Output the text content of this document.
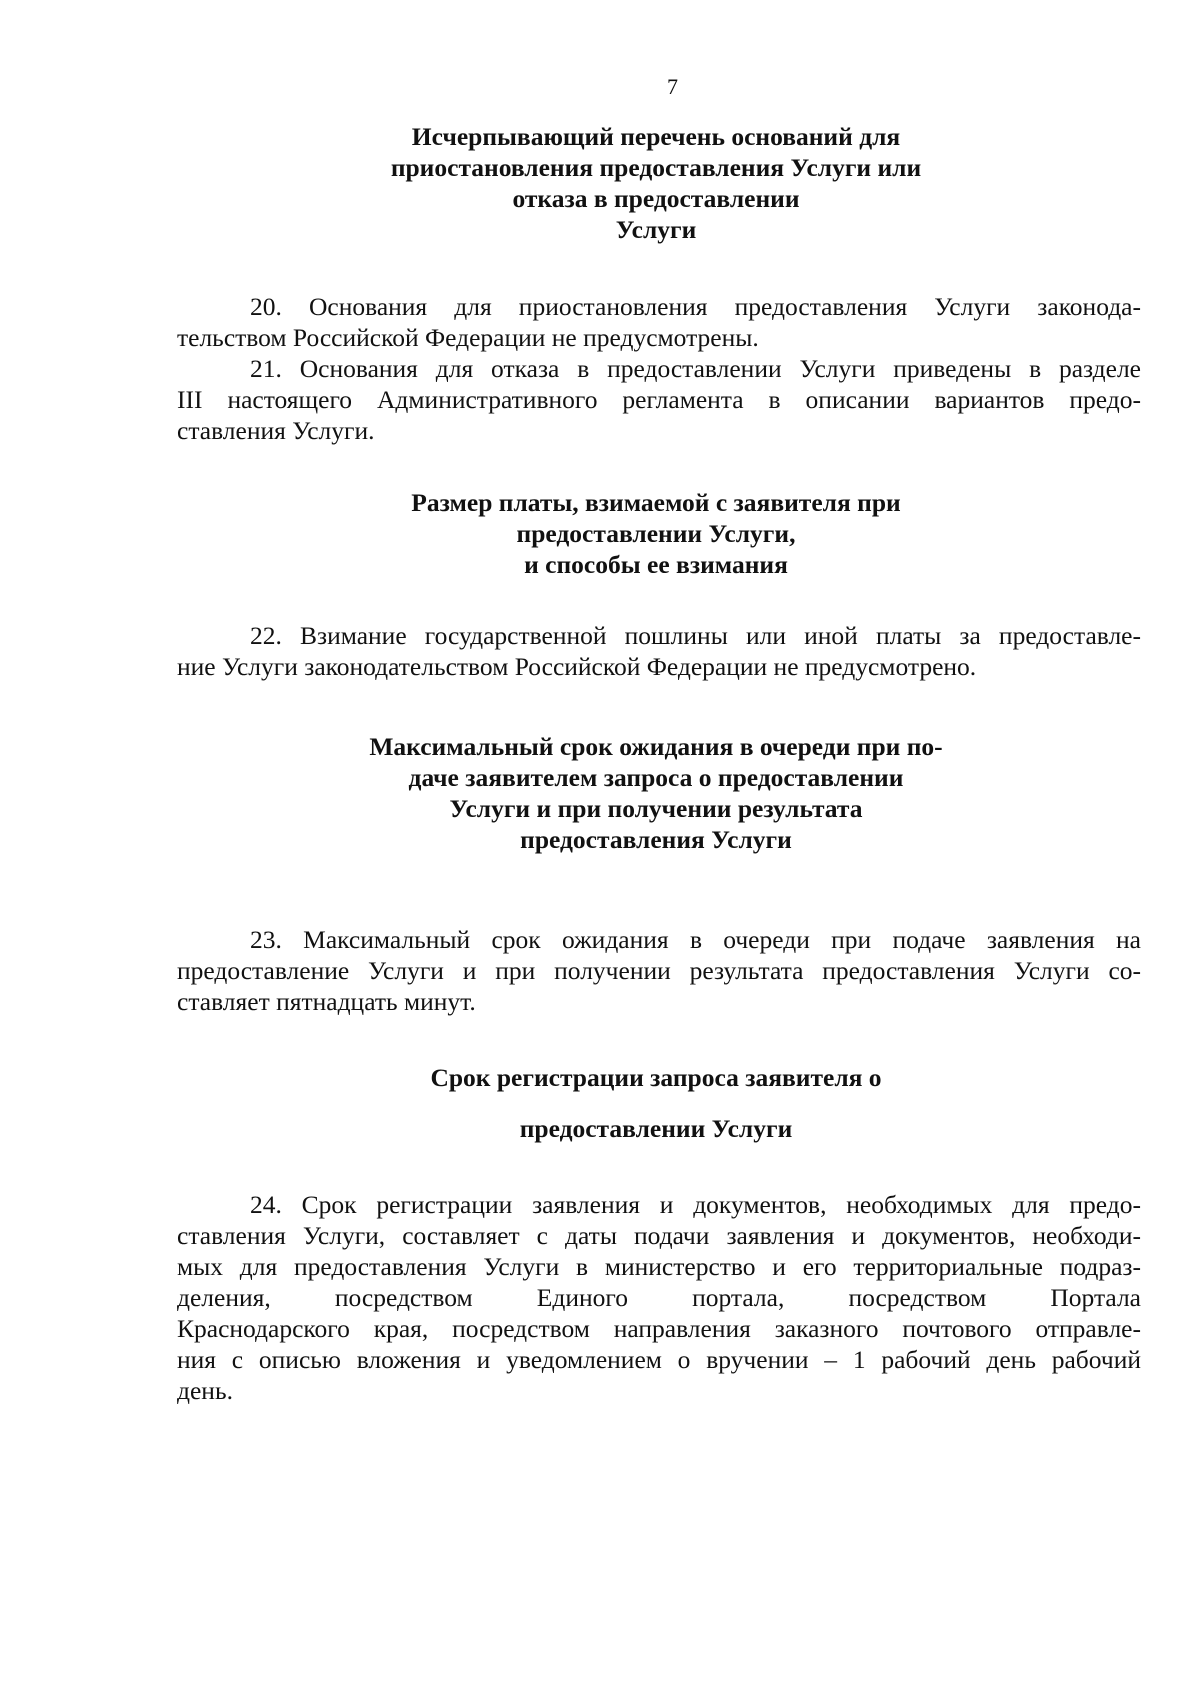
7
Исчерпывающий перечень оснований для
приостановления предоставления Услуги или
отказа в предоставлении
Услуги
20. Основания для приостановления предоставления Услуги законода-
тельством Российской Федерации не предусмотрены.
21. Основания для отказа в предоставлении Услуги приведены в разделе
III настоящего Административного регламента в описании вариантов предо-
ставления Услуги.
Размер платы, взимаемой с заявителя при
предоставлении Услуги,
и способы ее взимания
22. Взимание государственной пошлины или иной платы за предоставле-
ние Услуги законодательством Российской Федерации не предусмотрено.
Максимальный срок ожидания в очереди при по-
даче заявителем запроса о предоставлении
Услуги и при получении результата
предоставления Услуги
23. Максимальный срок ожидания в очереди при подаче заявления на
предоставление Услуги и при получении результата предоставления Услуги со-
ставляет пятнадцать минут.
Срок регистрации запроса заявителя о
предоставлении Услуги
24. Срок регистрации заявления и документов, необходимых для предо-
ставления Услуги, составляет с даты подачи заявления и документов, необходи-
мых для предоставления Услуги в министерство и его территориальные подраз-
деления, посредством Единого портала, посредством Портала
Краснодарского края, посредством направления заказного почтового отправле-
ния с описью вложения и уведомлением о вручении – 1 рабочий день рабочий
день.
